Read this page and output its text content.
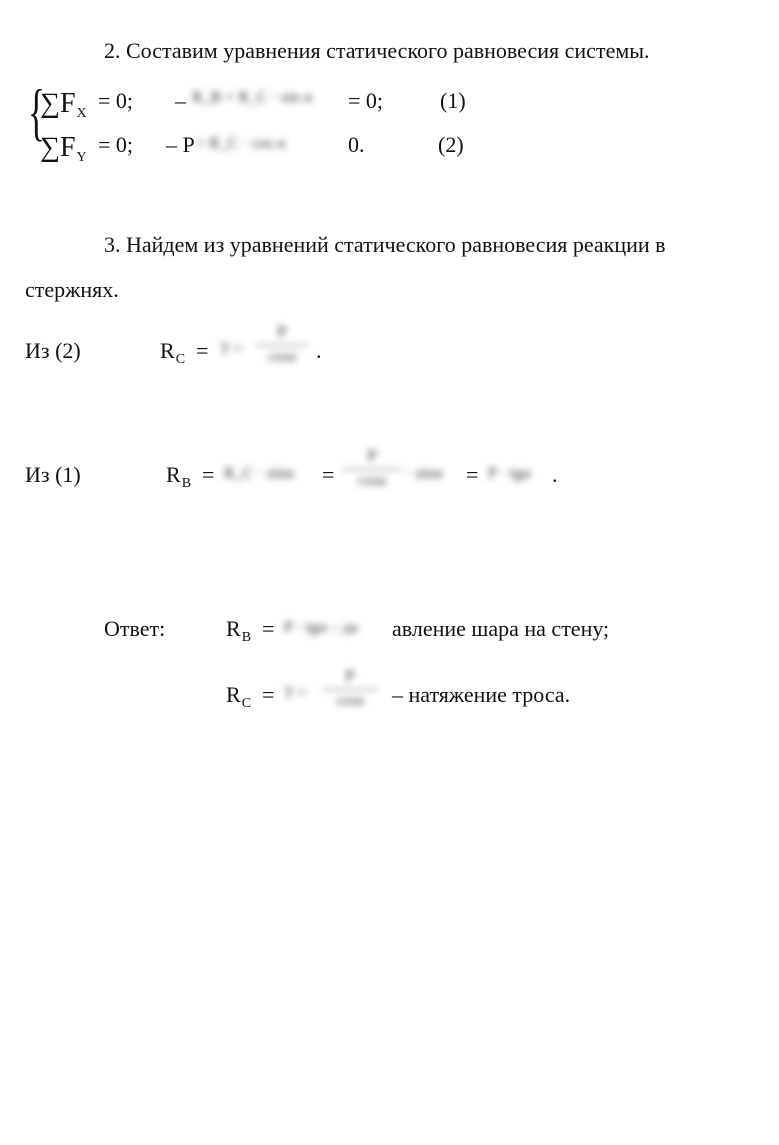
2. Составим уравнения статического равновесия системы.
{
$\sum F_X$
= 0; – R_B + R_C · sin α = 0;	(1)
$\sum F_Y$
= 0; – P + R_C · cos α	0.	(2)
3. Найдем из уравнений статического равновесия реакции в
стержнях.
Из (2)	$R_C = T$ =
P
cosα .
Из (1)	$R_B$ = R_C · sinα =
P
cosα	· sinα = P · tgα .
Ответ:	$R_B = P \cdot tg\alpha$ – да авление шара на стену;
$R_C = T$ =
P
cosα	– натяжение троса.
